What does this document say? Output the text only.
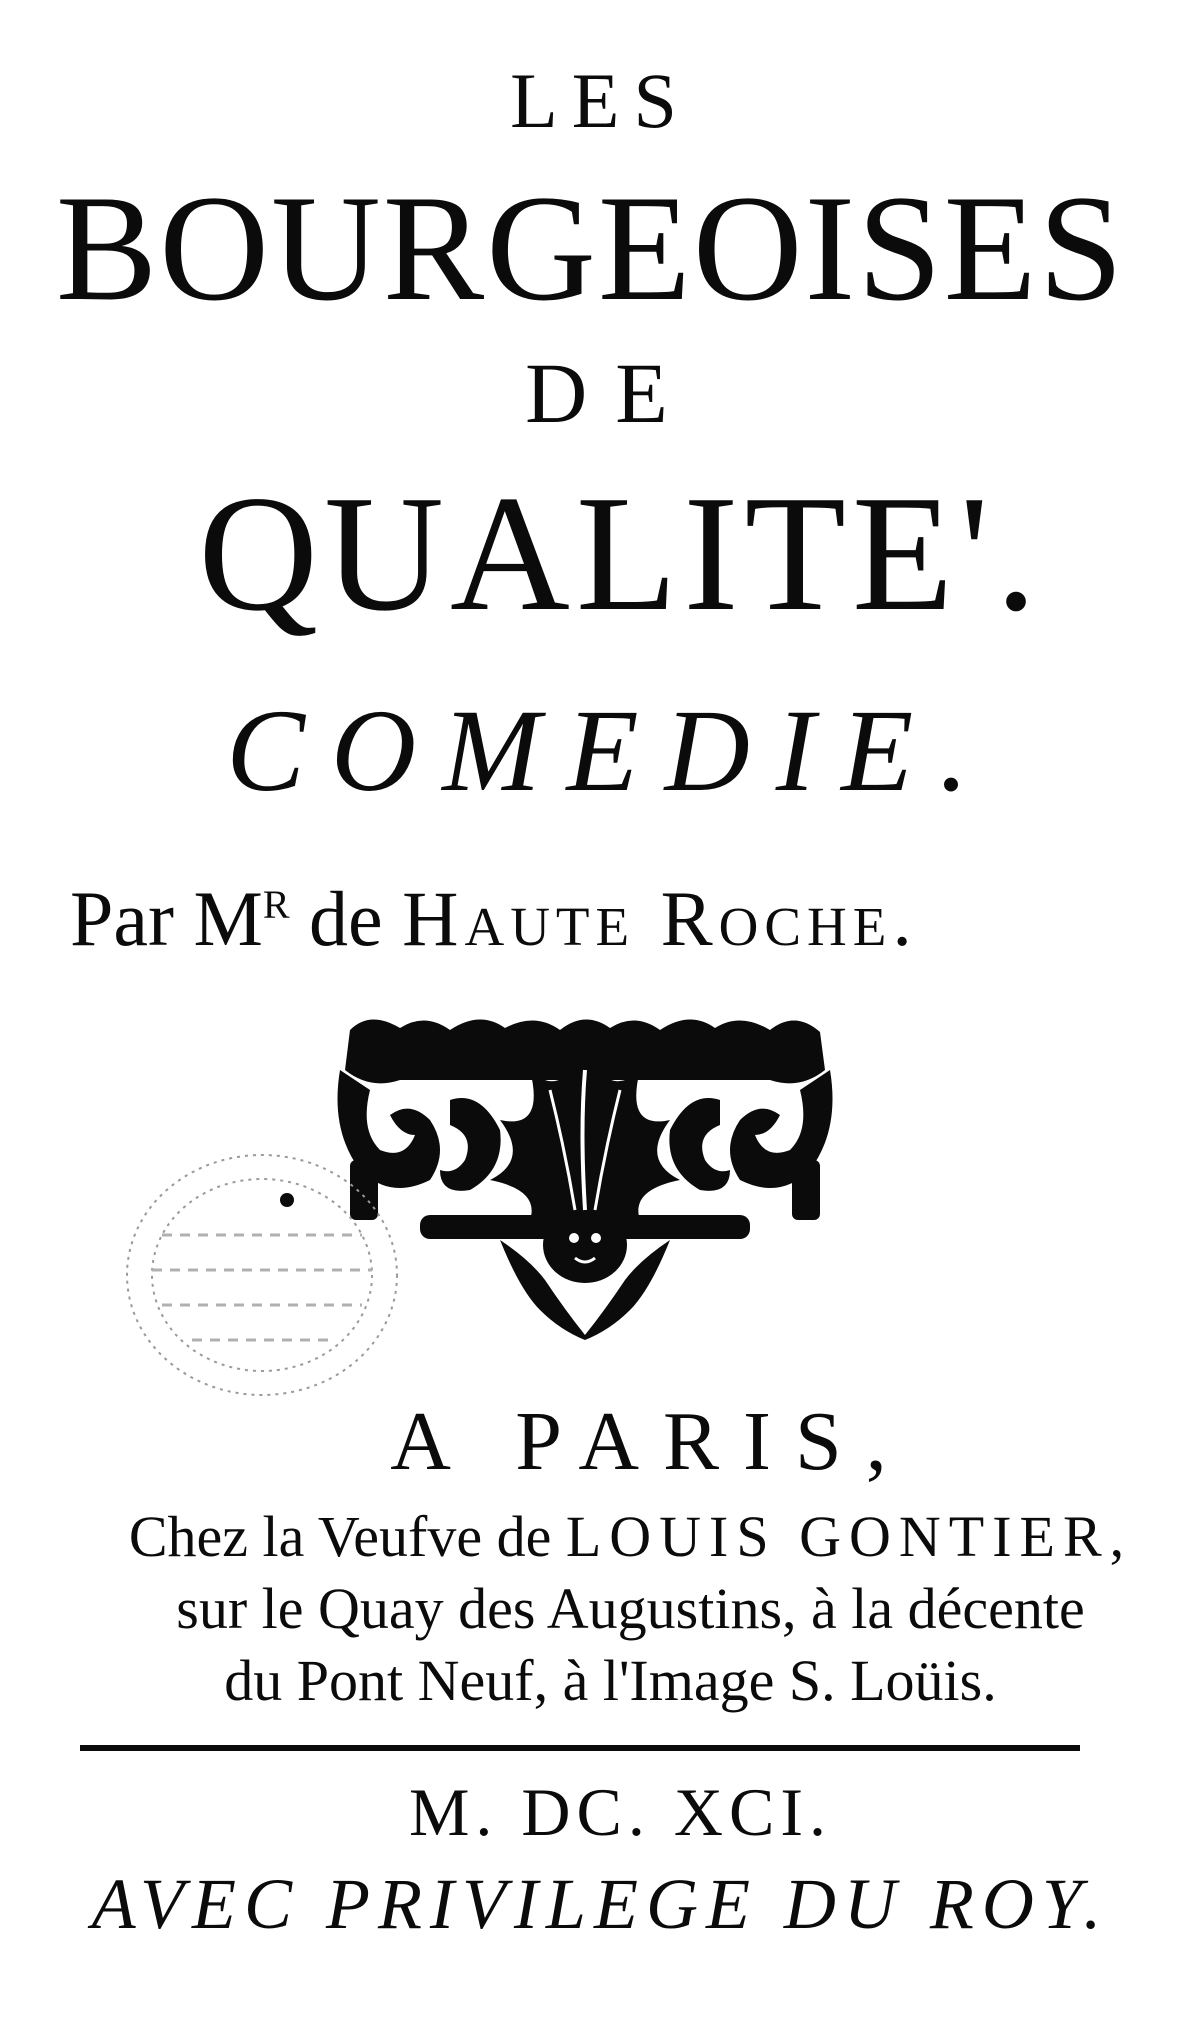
LES
BOURGEOISES
DE
QUALITE'.
COMEDIE.
Par $M^R$ de Haute Roche.
A PARIS,
Chez la Veufve de LOUIS GONTIER,
sur le Quay des Augustins, à la décente
du Pont Neuf, à l'Image S. Loüis.
M. DC. XCI.
AVEC PRIVILEGE DU ROY.
